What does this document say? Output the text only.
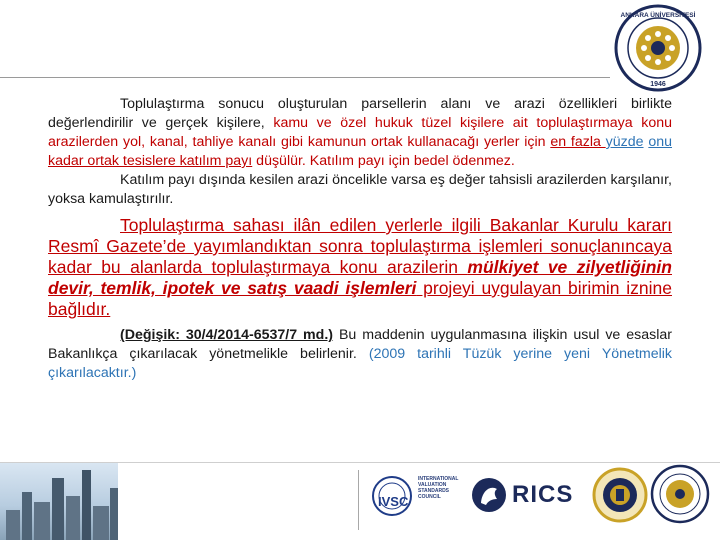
ANKARA ÜNİVERSİTESİ
1946

Toplulaştırma sonucu oluşturulan parsellerin alanı ve arazi özellikleri birlikte değerlendirilir ve gerçek kişilere, kamu ve özel hukuk tüzel kişilere ait toplulaştırmaya konu arazilerden yol, kanal, tahliye kanalı gibi kamunun ortak kullanacağı yerler için en fazla yüzde onu kadar ortak tesislere katılım payı düşülür. Katılım payı için bedel ödenmez.

Katılım payı dışında kesilen arazi öncelikle varsa eş değer tahsisli arazilerden karşılanır, yoksa kamulaştırılır.

Toplulaştırma sahası ilân edilen yerlerle ilgili Bakanlar Kurulu kararı Resmî Gazete’de yayımlandıktan sonra toplulaştırma işlemleri sonuçlanıncaya kadar bu alanlarda toplulaştırmaya konu arazilerin mülkiyet ve zilyetliğinin devir, temlik, ipotek ve satış vaadi işlemleri projeyi uygulayan birimin iznine bağlıdır.

(Değişik: 30/4/2014-6537/7 md.) Bu maddenin uygulanmasına ilişkin usul ve esaslar Bakanlıkça çıkarılacak yönetmelikle belirlenir. (2009 tarihli Tüzük yerine yeni Yönetmelik çıkarılacaktır.)

IVSC
INTERNATIONAL VALUATION STANDARDS COUNCIL	RICS
